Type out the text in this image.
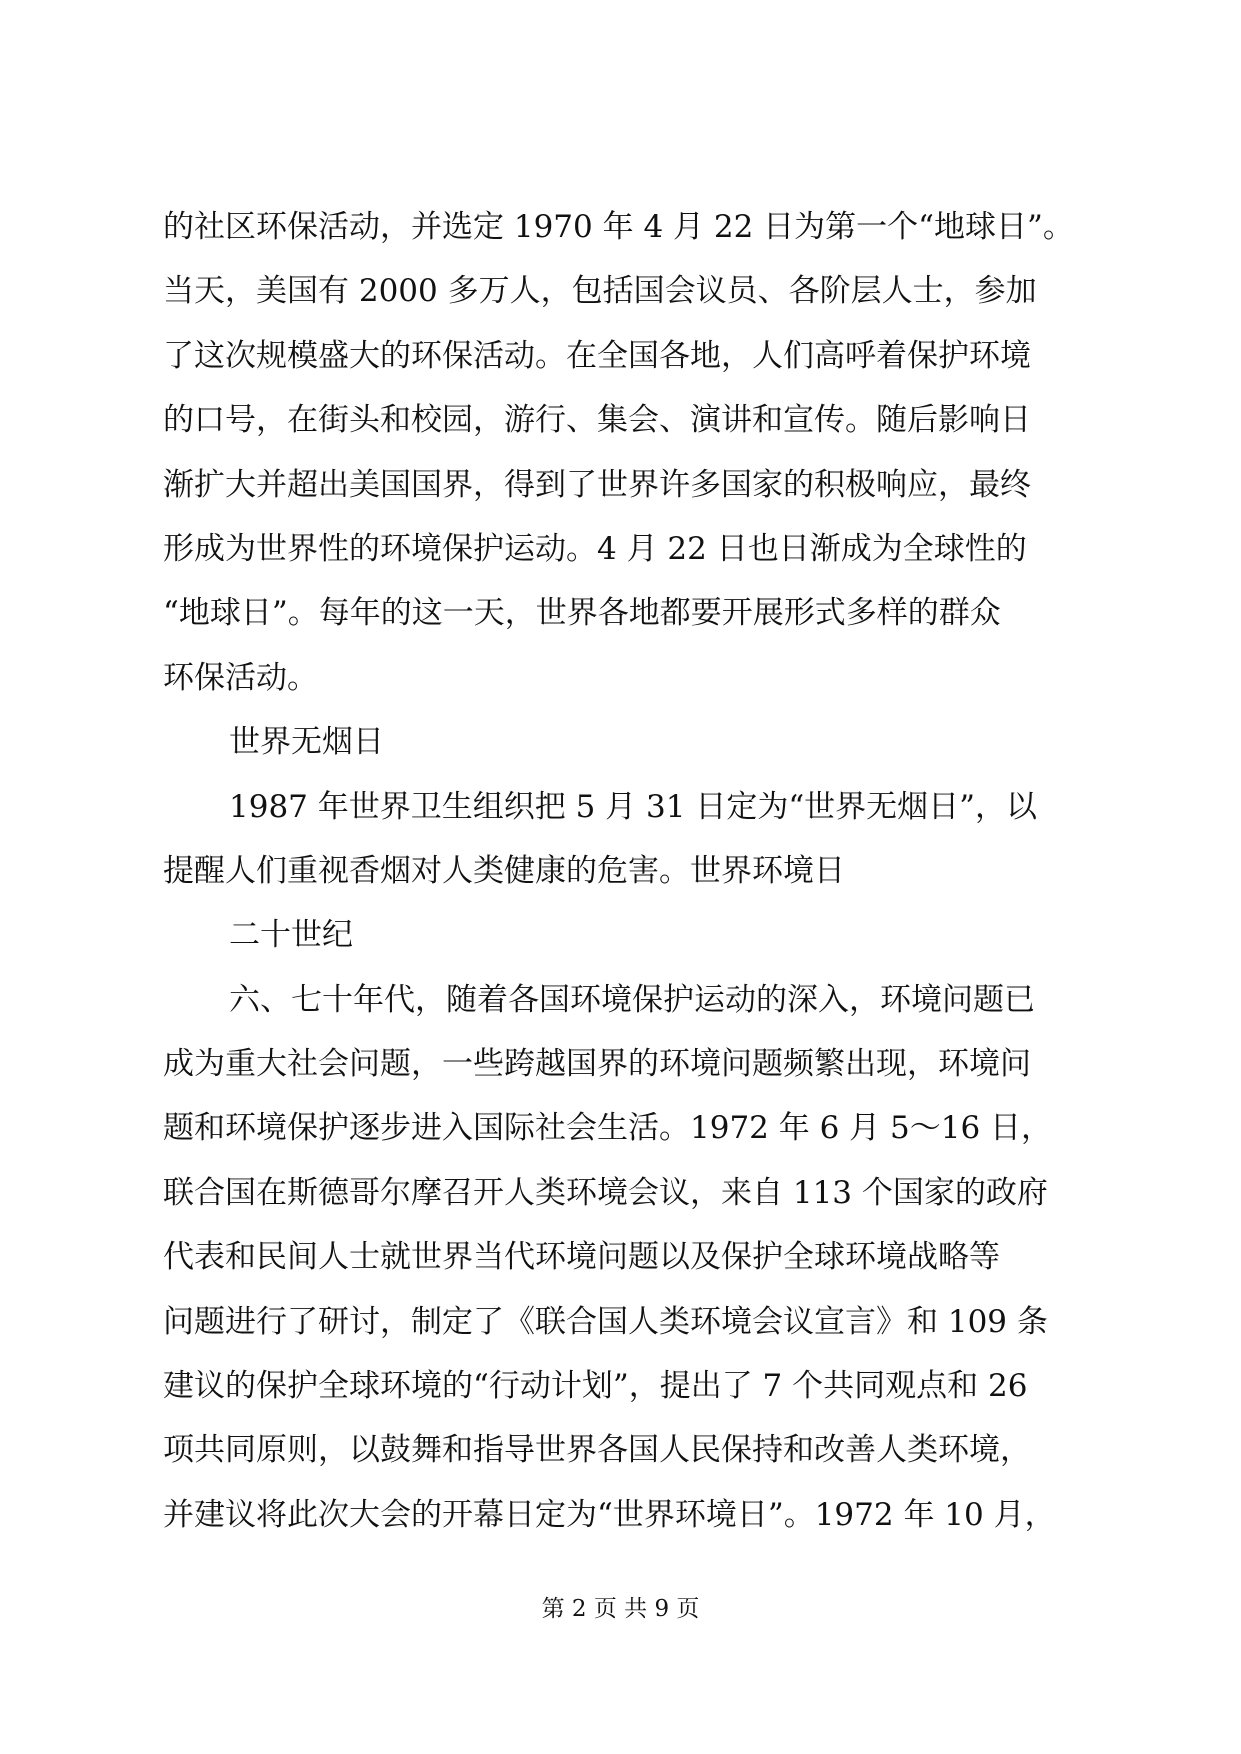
的社区环保活动，并选定 1970 年 4 月 22 日为第一个“地球日”。
当天，美国有 2000 多万人，包括国会议员、各阶层人士，参加
了这次规模盛大的环保活动。在全国各地，人们高呼着保护环境
的口号，在街头和校园，游行、集会、演讲和宣传。随后影响日
渐扩大并超出美国国界，得到了世界许多国家的积极响应，最终
形成为世界性的环境保护运动。4 月 22 日也日渐成为全球性的
“地球日”。每年的这一天，世界各地都要开展形式多样的群众
环保活动。
世界无烟日
1987 年世界卫生组织把 5 月 31 日定为“世界无烟日”，以
提醒人们重视香烟对人类健康的危害。世界环境日
二十世纪
六、七十年代，随着各国环境保护运动的深入，环境问题已
成为重大社会问题，一些跨越国界的环境问题频繁出现，环境问
题和环境保护逐步进入国际社会生活。1972 年 6 月 5～16 日，
联合国在斯德哥尔摩召开人类环境会议，来自 113 个国家的政府
代表和民间人士就世界当代环境问题以及保护全球环境战略等
问题进行了研讨，制定了《联合国人类环境会议宣言》和 109 条
建议的保护全球环境的“行动计划”，提出了 7 个共同观点和 26
项共同原则，以鼓舞和指导世界各国人民保持和改善人类环境，
并建议将此次大会的开幕日定为“世界环境日”。1972 年 10 月，
第 2 页 共 9 页
